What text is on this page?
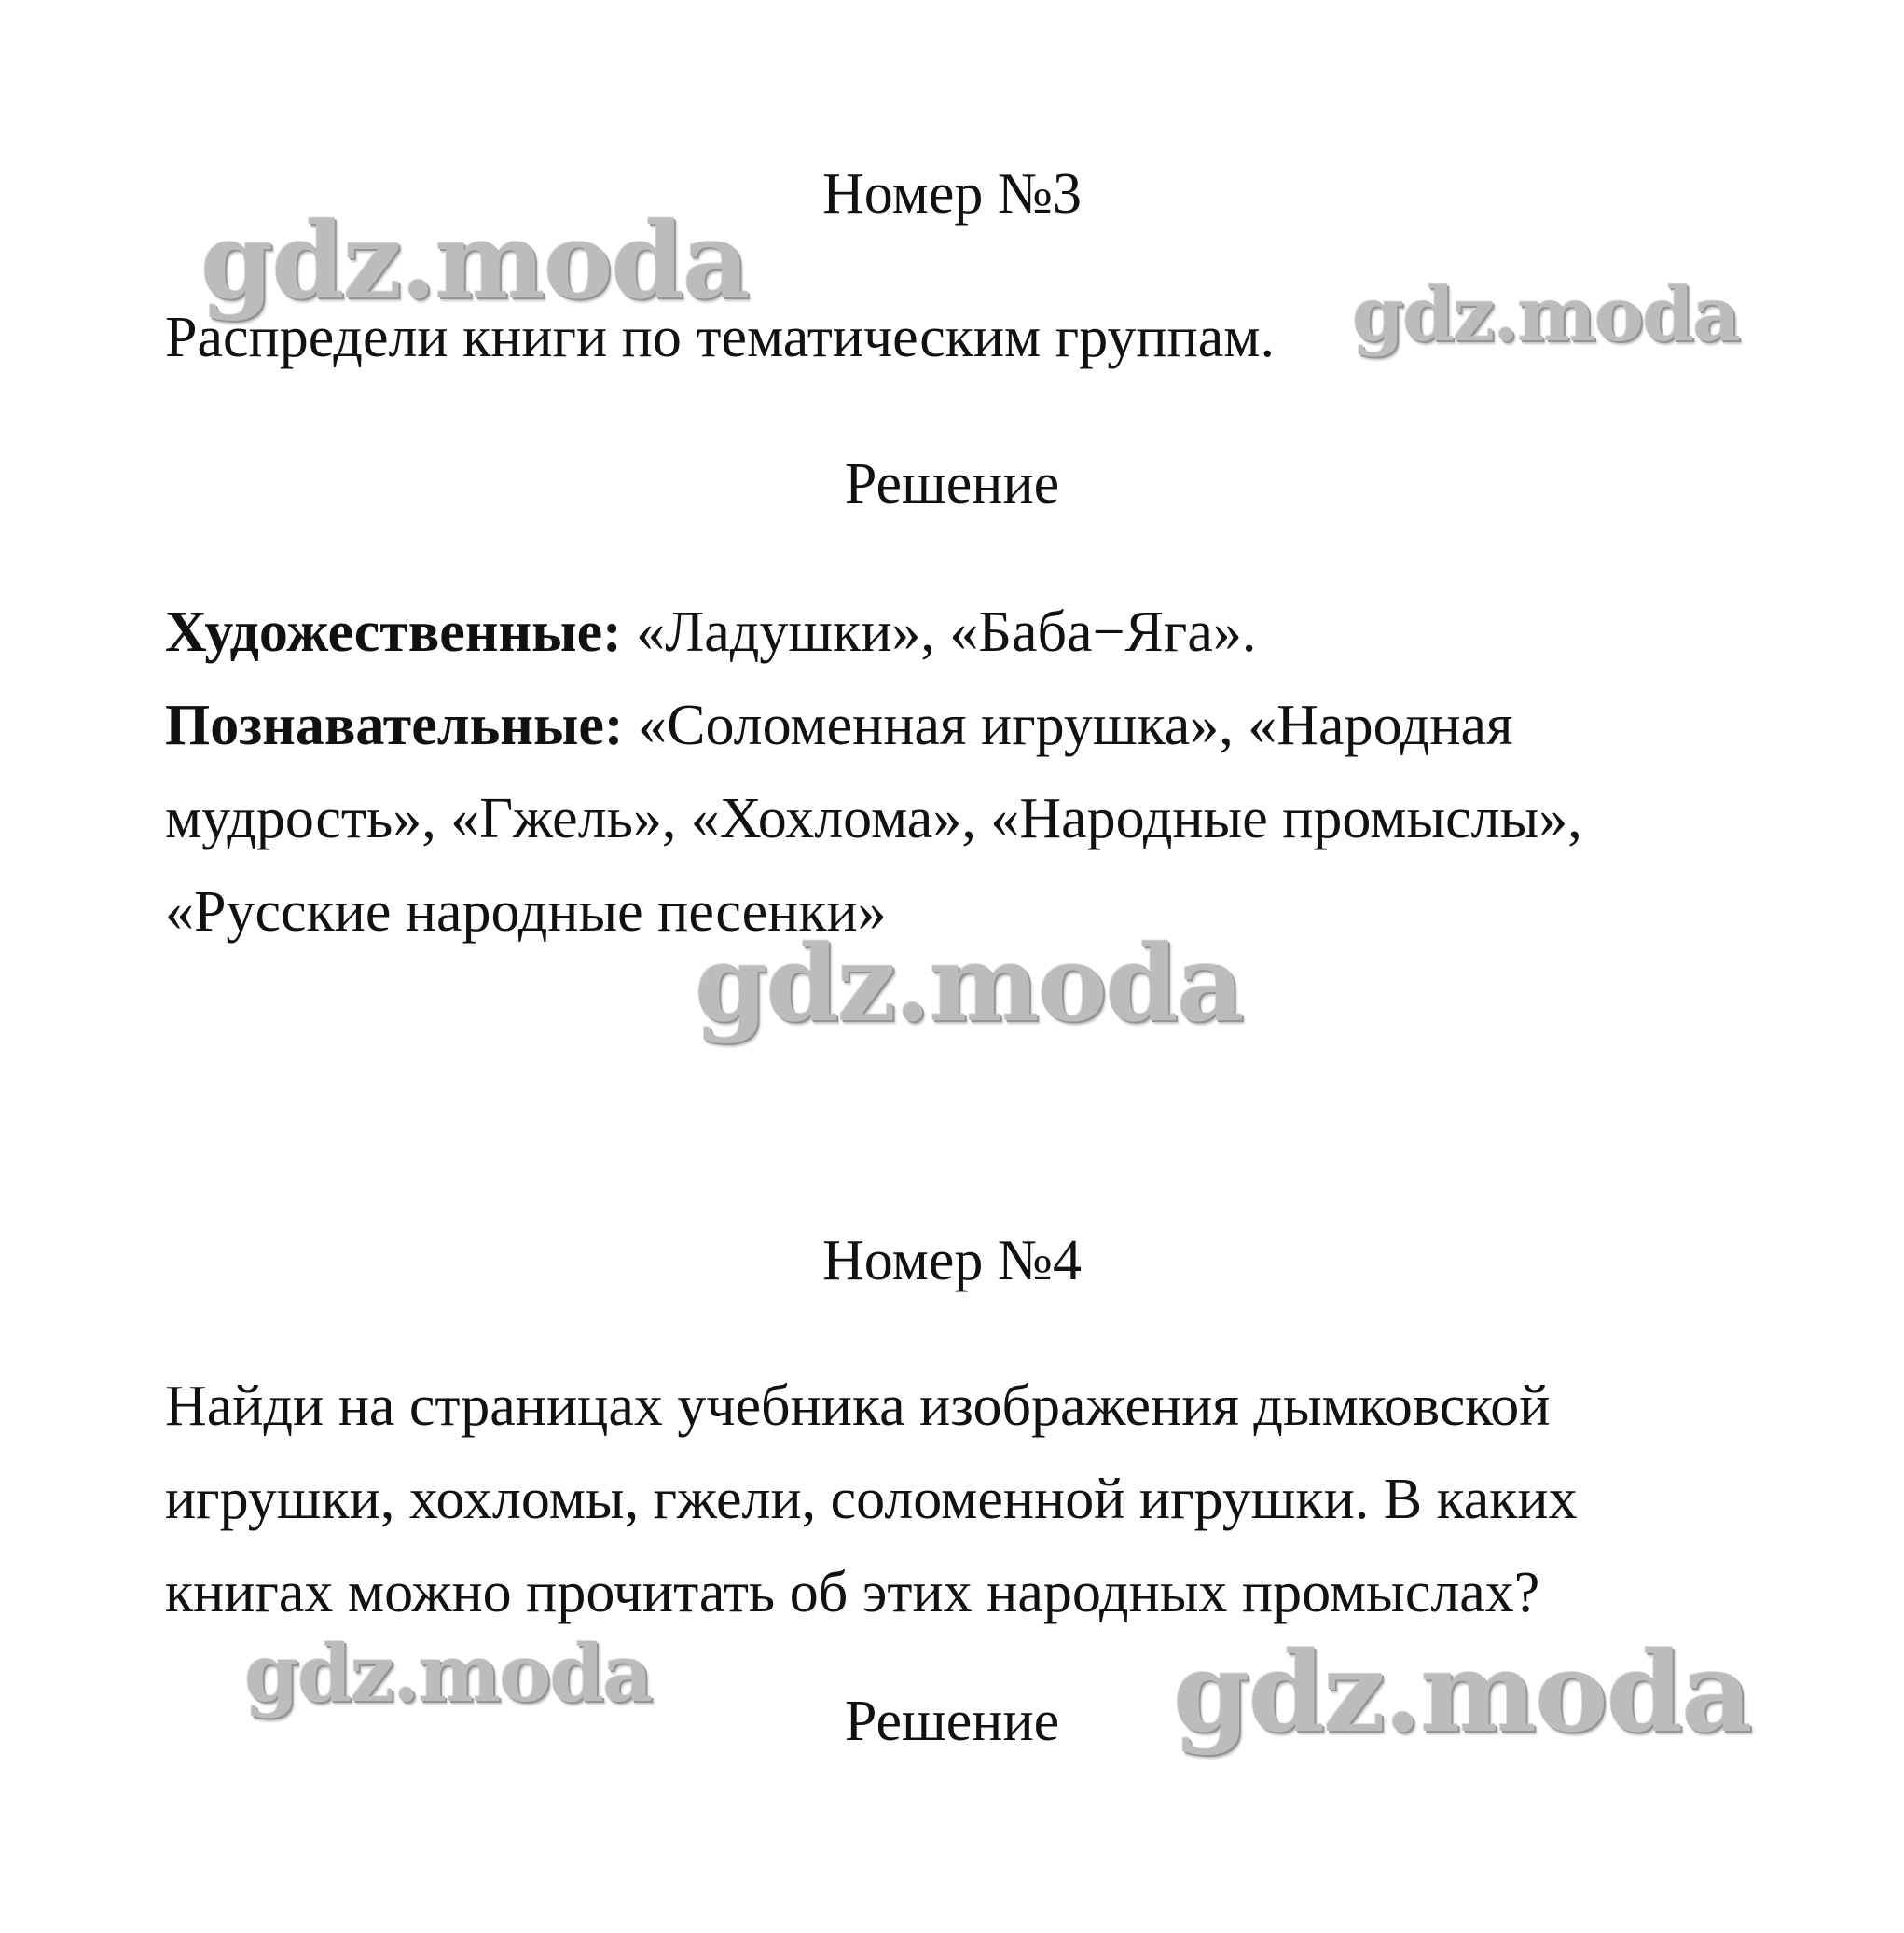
Номер №3

Распредели книги по тематическим группам.

Решение

Художественные: «Ладушки», «Баба−Яга».

Познавательные: «Соломенная игрушка», «Народная мудрость», «Гжель», «Хохлома», «Народные промыслы», «Русские народные песенки»

Номер №4

Найди на страницах учебника изображения дымковской игрушки, хохломы, гжели, соломенной игрушки. В каких книгах можно прочитать об этих народных промыслах?

Решение
gdz.moda	gdz.moda
gdz.moda
gdz.moda	gdz.moda
